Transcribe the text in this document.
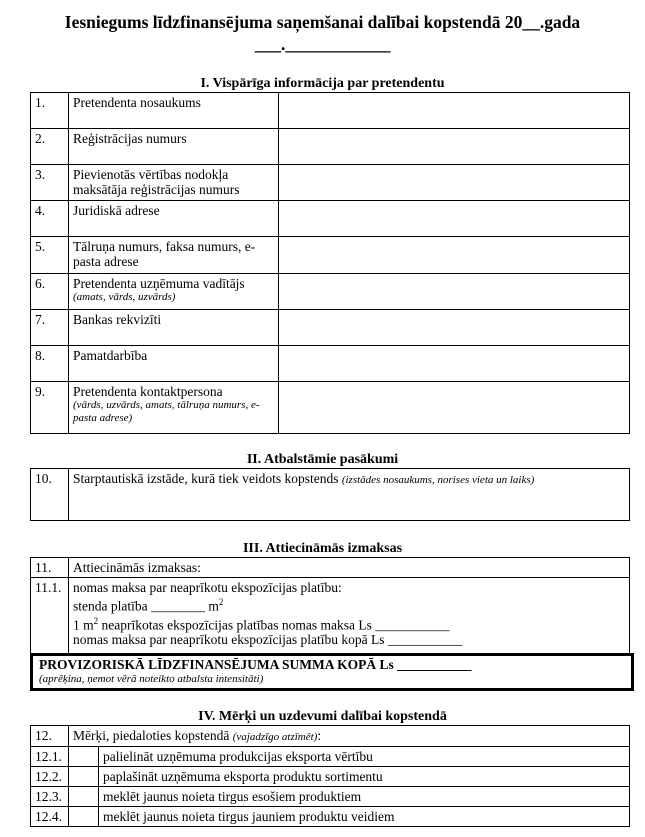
Iesniegums līdzfinansējuma saņemšanai dalībai kopstendā 20__.gada
___.____________
I. Vispārīga informācija par pretendentu
1.	Pretendenta nosaukums	
2.	Reģistrācijas numurs	
3.	Pievienotās vērtības nodokļa maksātāja reģistrācijas numurs	
4.	Juridiskā adrese	
5.	Tālruņa numurs, faksa numurs, e-pasta adrese	
6.	Pretendenta uzņēmuma vadītājs
(amats, vārds, uzvārds)	

7.	Bankas rekvizīti	
8.	Pamatdarbība	
9.	Pretendenta kontaktpersona
(vārds, uzvārds, amats, tālruņa numurs, e-pasta adrese)	

II. Atbalstāmie pasākumi
10.	Starptautiskā izstāde, kurā tiek veidots kopstends (izstādes nosaukums, norises vieta un laiks)
III. Attiecināmās izmaksas
11.	Attiecināmās izmaksas:
11.1.	nomas maksa par neaprīkotu ekspozīcijas platību:
stenda platība ________ $m^2$
1 $m^2$ neaprīkotas ekspozīcijas platības nomas maksa Ls ___________
nomas maksa par neaprīkotu ekspozīcijas platību kopā Ls ___________
PROVIZORISKĀ LĪDZFINANSĒJUMA SUMMA KOPĀ Ls ___________
(aprēķina, ņemot vērā noteikto atbalsta intensitāti)
IV. Mērķi un uzdevumi dalībai kopstendā
12.	Mērķi, piedaloties kopstendā (vajadzīgo atzīmēt):	
12.1.		palielināt uzņēmuma produkcijas eksporta vērtību
12.2.		paplašināt uzņēmuma eksporta produktu sortimentu
12.3.		meklēt jaunus noieta tirgus esošiem produktiem
12.4.		meklēt jaunus noieta tirgus jauniem produktu veidiem
